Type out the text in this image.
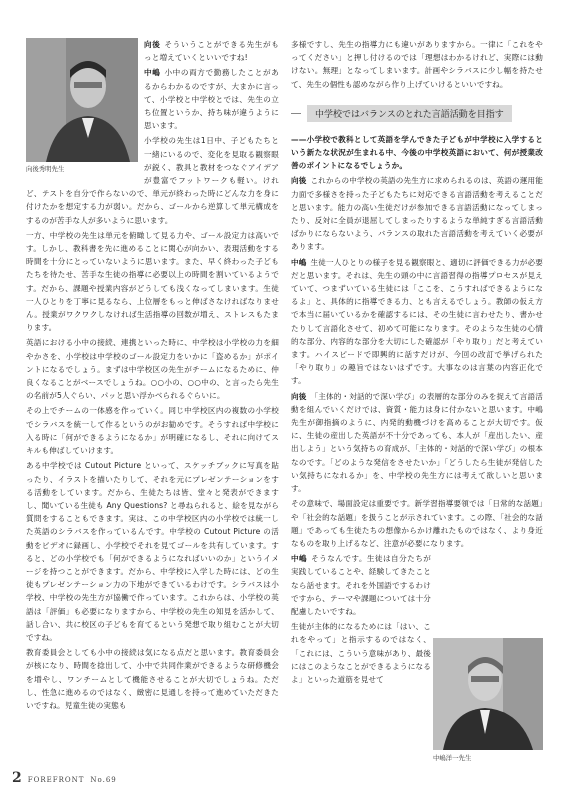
向後秀明先生

向後 そういうことができる先生がもっと増えていくといいですね!

中嶋 小中の両方で勤務したことがあるからわかるのですが、大まかに言って、小学校と中学校とでは、先生の立ち位置というか、持ち味が違うように思います。

小学校の先生は1日中、子どもたちと一緒にいるので、変化を見取る観察眼が鋭く、教具と教材をつなぐアイデアが豊富でフットワークも軽い。けれど、テストを自分で作らないので、単元が終わった時にどんな力を身に付けたかを想定する力が弱い。だから、ゴールから逆算して単元構成をするのが苦手な人が多いように思います。

一方、中学校の先生は単元を俯瞰して見る力や、ゴール設定力は高いです。しかし、教科書を先に進めることに関心が向かい、表現活動をする時間を十分にとっていないように思います。また、早く終わった子どもたちを待たせ、苦手な生徒の指導に必要以上の時間を割いているようです。だから、課題や授業内容がどうしても浅くなってしまいます。生徒一人ひとりを丁寧に見るなら、上位層をもっと伸ばさなければなりません。授業がワクワクしなければ生活指導の回数が増え、ストレスもたまります。

英語における小中の接続、連携といった時に、中学校は小学校の力を細やかさを、小学校は中学校のゴール設定力をいかに「盗めるか」がポイントになるでしょう。まずは中学校区の先生がチームになるために、仲良くなることがベースでしょうね。○○小の、○○中の、と言ったら先生の名前が5人ぐらい、パッと思い浮かべられるぐらいに。

その上でチームの一体感を作っていく。同じ中学校区内の複数の小学校でシラバスを統一して作るというのがお勧めです。そうすれば中学校に入る時に「何ができるようになるか」が明確になるし、それに向けてスキルも伸ばしていけます。

ある中学校では Cutout Picture といって、スケッチブックに写真を貼ったり、イラストを描いたりして、それを元にプレゼンテーションをする活動をしています。だから、生徒たちは皆、堂々と発表ができますし、聞いている生徒も Any Questions? と尋ねられると、絵を見ながら質問をすることもできます。実は、この中学校区内の小学校では統一した英語のシラバスを作っているんです。中学校の Cutout Picture の活動をビデオに録画し、小学校でそれを見てゴールを共有しています。すると、どの小学校でも「何ができるようになればいいのか」というイメージを持つことができます。だから、中学校に入学した時には、どの生徒もプレゼンテーション力の下地ができているわけです。シラバスは小学校、中学校の先生方が協働で作っています。これからは、小学校の英語は「評価」も必要になりますから、中学校の先生の知見を活かして、話し合い、共に校区の子どもを育てるという発想で取り組むことが大切ですね。

教育委員会としても小中の接続は気になる点だと思います。教育委員会が核になり、時間を捻出して、小中で共同作業ができるような研修機会を増やし、ワンチームとして機能させることが大切でしょうね。ただし、性急に進めるのではなく、緻密に見通しを持って進めていただきたいですね。児童生徒の実態も

多様ですし、先生の指導力にも違いがありますから。一律に「これをやってください」と押し付けるのでは「理想はわかるけれど、実際には動けない。無理」となってしまいます。計画やシラバスに少し幅を持たせて、先生の個性も認めながら作り上げていけるといいですね。

中学校ではバランスのとれた言語活動を目指す

——小学校で教科として英語を学んできた子どもが中学校に入学するという新たな状況が生まれる中、今後の中学校英語において、何が授業改善のポイントになるでしょうか。

向後 これからの中学校の英語の先生方に求められるのは、英語の運用能力面で多様さを持った子どもたちに対応できる言語活動を考えることだと思います。能力の高い生徒だけが参加できる言語活動になってしまったり、反対に全員が退屈してしまったりするような単純すぎる言語活動ばかりにならないよう、バランスの取れた言語活動を考えていく必要があります。

中嶋 生徒一人ひとりの様子を見る観察眼と、適切に評価できる力が必要だと思います。それは、先生の頭の中に言語習得の指導プロセスが見えていて、つまずいている生徒には「ここを、こうすればできるようになるよ」と、具体的に指導できる力、とも言えるでしょう。教師の仮え方で本当に届いているかを確認するには、その生徒に言わせたり、書かせたりして言語化させて、初めて可能になります。そのような生徒の心情的な部分、内容的な部分を大切にした確認が「やり取り」だと考えています。ハイスピードで即興的に話すだけが、今回の改訂で挙げられた「やり取り」の趣旨ではないはずです。大事なのは言葉の内容正化です。

向後 「主体的・対話的で深い学び」の表層的な部分のみを捉えて言語活動を組んでいくだけでは、資質・能力は身に付かないと思います。中嶋先生が御指摘のように、内発的動機づけを高めることが大切です。仮に、生徒の産出した英語が不十分であっても、本人が「産出したい、産出しよう」という気持ちの育成が、「主体的・対話的で深い学び」の根本なのです。「どのような発信をさせたいか」「どうしたら生徒が発信したい気持ちになれるか」を、中学校の先生方には考えて欲しいと思います。

その意味で、場面設定は重要です。新学習指導要領では「日常的な話題」や「社会的な話題」を扱うことが示されています。この際、「社会的な話題」であっても生徒たちの想像からかけ離れたものではなく、より身近なものを取り上げるなど、注意が必要になります。

中嶋 そうなんです。生徒は自分たちが実践していることや、経験してきたことなら話せます。それを外国語でするわけですから、テーマや課題については十分配慮したいですね。

生徒が主体的になるためには「はい、これをやって」と指示するのではなく、「これには、こういう意味があり、最後にはこのようなことができるようになるよ」といった道筋を見せて

中嶋洋一先生
2 FOREFRONT No.69
